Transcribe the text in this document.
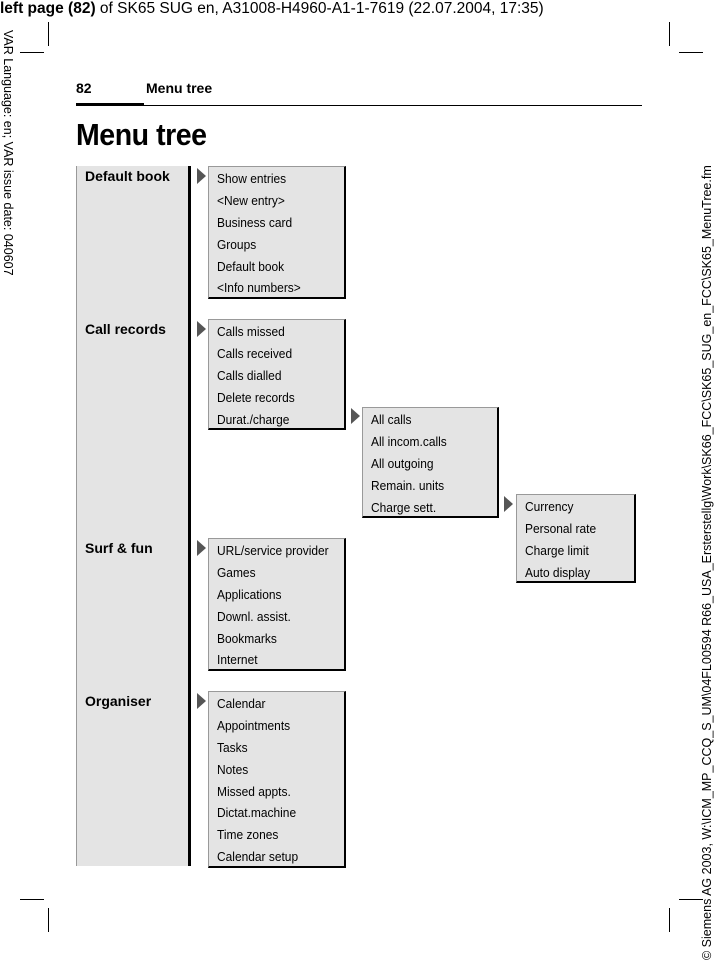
left page (82) of SK65 SUG en, A31008-H4960-A1-1-7619 (22.07.2004, 17:35)
VAR Language: en; VAR issue date: 040607
© Siemens AG 2003, W:\ICM_MP_CCQ_S_UM\04FL00594 R66_USA_Ersterstellg\Work\SK66_FCC\SK65_SUG_en_FCC\SK65_MenuTree.fm
82	Menu tree
Menu tree
Default book
Call records
Surf & fun
Organiser
Show entries
<New entry>
Business card
Groups
Default book
<Info numbers>
Calls missed
Calls received
Calls dialled
Delete records
Durat./charge	All calls
All incom.calls
All outgoing
Remain. units
Charge sett.	Currency
Personal rate
Charge limit
Auto display
URL/service provider
Games
Applications
Downl. assist.
Bookmarks
Internet
Calendar
Appointments
Tasks
Notes
Missed appts.
Dictat.machine
Time zones
Calendar setup
